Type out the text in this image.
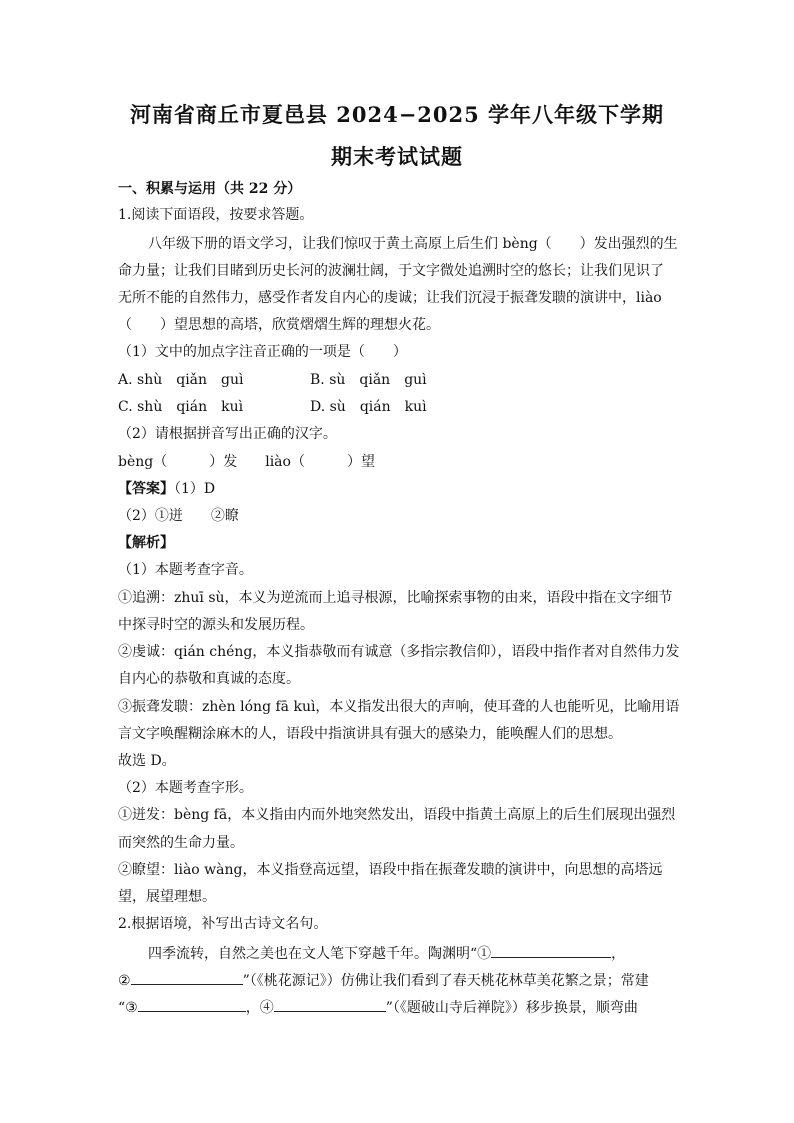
河南省商丘市夏邑县 2024−2025 学年八年级下学期
期末考试试题
一、积累与运用（共 22 分）
1.阅读下面语段，按要求答题。
八年级下册的语文学习，让我们惊叹于黄土高原上后生们 bèng（　　）发出强烈的生
命力量；让我们目睹到历史长河的波澜壮阔，于文字微处追溯时空的悠长；让我们见识了
无所不能的自然伟力，感受作者发自内心的虔诚；让我们沉浸于振聋发聩的演讲中，liào
（　　）望思想的高塔，欣赏熠熠生辉的理想火花。
（1）文中的加点字注音正确的一项是（　　）
A. shù　qiǎn　guì	B. sù　qiǎn　guì
C. shù　qián　kuì	D. sù　qián　kuì
（2）请根据拼音写出正确的汉字。
bèng（　　　）发　　liào（　　　）望
【答案】（1）D
（2）①迸　　②瞭
【解析】
（1）本题考查字音。
①追溯：zhuī sù，本义为逆流而上追寻根源，比喻探索事物的由来，语段中指在文字细节
中探寻时空的源头和发展历程。
②虔诚：qián chéng，本义指恭敬而有诚意（多指宗教信仰），语段中指作者对自然伟力发
自内心的恭敬和真诚的态度。
③振聋发聩：zhèn lóng fā kuì，本义指发出很大的声响，使耳聋的人也能听见，比喻用语
言文字唤醒糊涂麻木的人，语段中指演讲具有强大的感染力，能唤醒人们的思想。
故选 D。
（2）本题考查字形。
①迸发：bèng fā，本义指由内而外地突然发出，语段中指黄土高原上的后生们展现出强烈
而突然的生命力量。
②瞭望：liào wàng，本义指登高远望，语段中指在振聋发聩的演讲中，向思想的高塔远
望，展望理想。
2.根据语境，补写出古诗文名句。
四季流转，自然之美也在文人笔下穿越千年。陶渊明“①	，
②	”（《桃花源记》）仿佛让我们看到了春天桃花林草美花繁之景；常建
“③	，④	”（《题破山寺后禅院》）移步换景，顺弯曲
